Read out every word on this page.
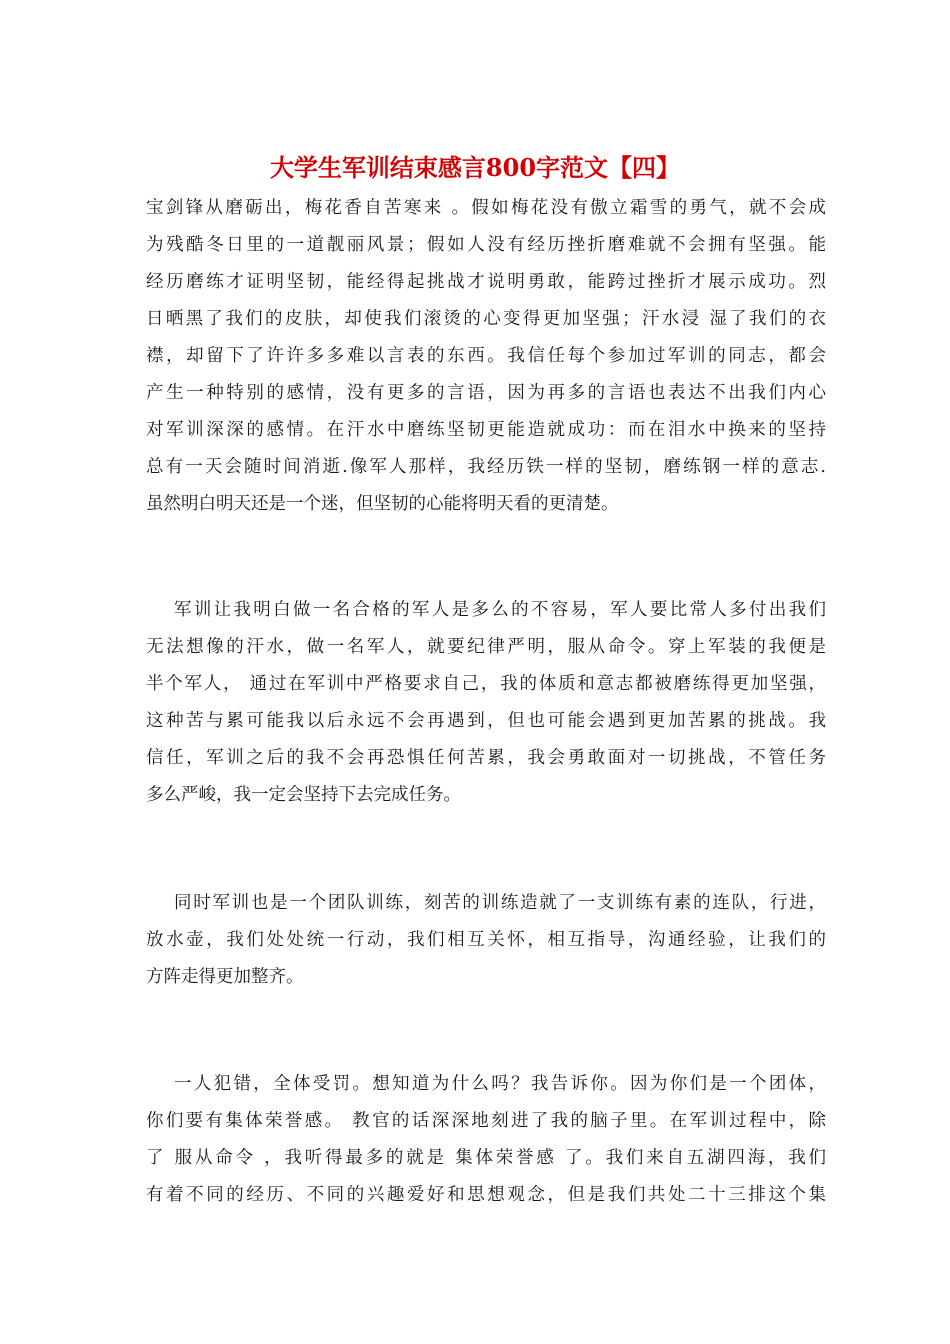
大学生军训结束感言800字范文【四】
宝剑锋从磨砺出，梅花香自苦寒来 。假如梅花没有傲立霜雪的勇气，就不会成
为残酷冬日里的一道靓丽风景；假如人没有经历挫折磨难就不会拥有坚强。能
经历磨练才证明坚韧，能经得起挑战才说明勇敢，能跨过挫折才展示成功。烈
日晒黑了我们的皮肤，却使我们滚烫的心变得更加坚强；汗水浸 湿了我们的衣
襟，却留下了许许多多难以言表的东西。我信任每个参加过军训的同志，都会
产生一种特别的感情，没有更多的言语，因为再多的言语也表达不出我们内心
对军训深深的感情。在汗水中磨练坚韧更能造就成功：而在泪水中换来的坚持
总有一天会随时间消逝.像军人那样，我经历铁一样的坚韧，磨练钢一样的意志.
虽然明白明天还是一个迷，但坚韧的心能将明天看的更清楚。
军训让我明白做一名合格的军人是多么的不容易，军人要比常人多付出我们
无法想像的汗水，做一名军人，就要纪律严明，服从命令。穿上军装的我便是
半个军人， 通过在军训中严格要求自己，我的体质和意志都被磨练得更加坚强，
这种苦与累可能我以后永远不会再遇到，但也可能会遇到更加苦累的挑战。我
信任，军训之后的我不会再恐惧任何苦累，我会勇敢面对一切挑战，不管任务
多么严峻，我一定会坚持下去完成任务。
同时军训也是一个团队训练，刻苦的训练造就了一支训练有素的连队，行进，
放水壶，我们处处统一行动，我们相互关怀，相互指导，沟通经验，让我们的
方阵走得更加整齐。
一人犯错，全体受罚。想知道为什么吗？我告诉你。因为你们是一个团体，
你们要有集体荣誉感。 教官的话深深地刻进了我的脑子里。在军训过程中，除
了 服从命令 ，我听得最多的就是 集体荣誉感 了。我们来自五湖四海，我们
有着不同的经历、不同的兴趣爱好和思想观念，但是我们共处二十三排这个集
